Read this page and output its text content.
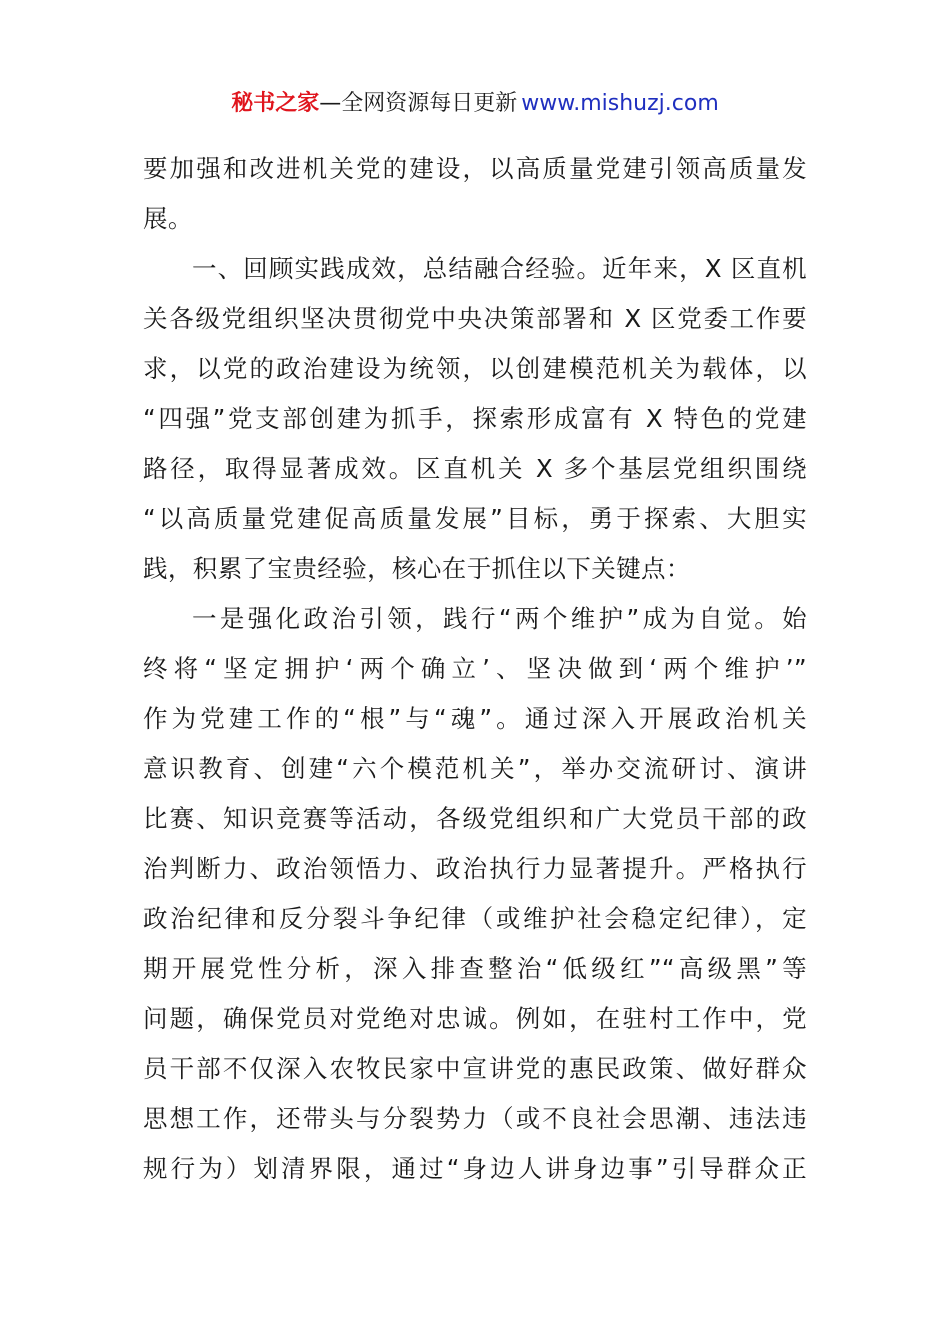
秘书之家—全网资源每日更新 www.mishuzj.com
要加强和改进机关党的建设，以高质量党建引领高质量发
展。
一、回顾实践成效，总结融合经验。近年来，X 区直机
关各级党组织坚决贯彻党中央决策部署和 X 区党委工作要
求，以党的政治建设为统领，以创建模范机关为载体，以
“四强”党支部创建为抓手，探索形成富有 X 特色的党建
路径，取得显著成效。区直机关 X 多个基层党组织围绕
“以高质量党建促高质量发展”目标，勇于探索、大胆实
践，积累了宝贵经验，核心在于抓住以下关键点：
一是强化政治引领，践行“两个维护”成为自觉。始
终将“坚定拥护‘两个确立’、坚决做到‘两个维护’”
作为党建工作的“根”与“魂”。通过深入开展政治机关
意识教育、创建“六个模范机关”，举办交流研讨、演讲
比赛、知识竞赛等活动，各级党组织和广大党员干部的政
治判断力、政治领悟力、政治执行力显著提升。严格执行
政治纪律和反分裂斗争纪律（或维护社会稳定纪律），定
期开展党性分析，深入排查整治“低级红”“高级黑”等
问题，确保党员对党绝对忠诚。例如，在驻村工作中，党
员干部不仅深入农牧民家中宣讲党的惠民政策、做好群众
思想工作，还带头与分裂势力（或不良社会思潮、违法违
规行为）划清界限，通过“身边人讲身边事”引导群众正
